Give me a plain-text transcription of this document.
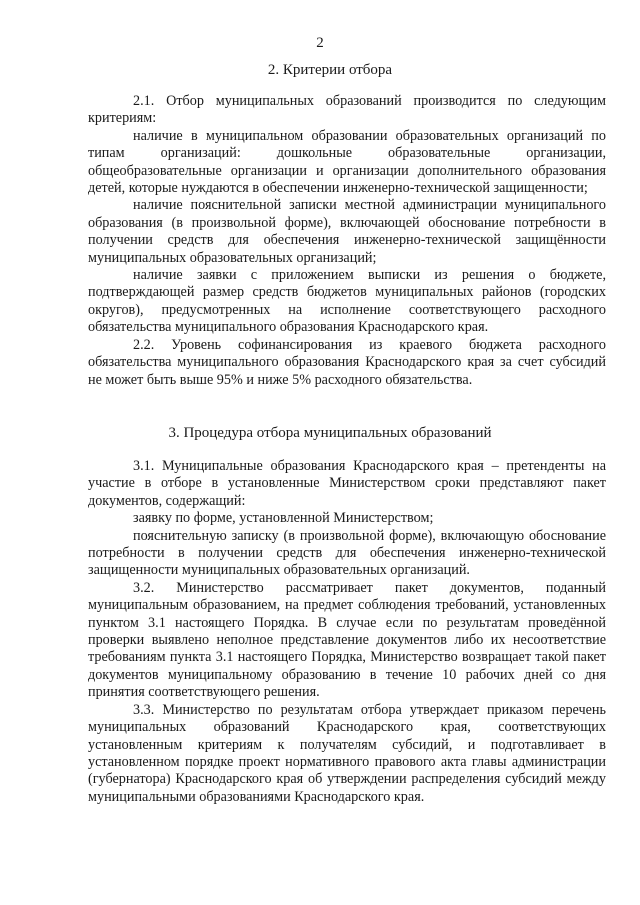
2
2. Критерии отбора

2.1. Отбор муниципальных образований производится по следующим критериям:

наличие в муниципальном образовании образовательных организаций по типам организаций: дошкольные образовательные организации, общеобразовательные организации и организации дополнительного образования детей, которые нуждаются в обеспечении инженерно-технической защищенности;

наличие пояснительной записки местной администрации муниципального образования (в произвольной форме), включающей обоснование потребности в получении средств для обеспечения инженерно-технической защищённости муниципальных образовательных организаций;

наличие заявки с приложением выписки из решения о бюджете, подтверждающей размер средств бюджетов муниципальных районов (городских округов), предусмотренных на исполнение соответствующего расходного обязательства муниципального образования Краснодарского края.

2.2. Уровень софинансирования из краевого бюджета расходного обязательства муниципального образования Краснодарского края за счет субсидий не может быть выше 95% и ниже 5% расходного обязательства.

3. Процедура отбора муниципальных образований

3.1. Муниципальные образования Краснодарского края – претенденты на участие в отборе в установленные Министерством сроки представляют пакет документов, содержащий:

заявку по форме, установленной Министерством;

пояснительную записку (в произвольной форме), включающую обоснование потребности в получении средств для обеспечения инженерно-технической защищенности муниципальных образовательных организаций.

3.2. Министерство рассматривает пакет документов, поданный муниципальным образованием, на предмет соблюдения требований, установленных пунктом 3.1 настоящего Порядка. В случае если по результатам проведённой проверки выявлено неполное представление документов либо их несоответствие требованиям пункта 3.1 настоящего Порядка, Министерство возвращает такой пакет документов муниципальному образованию в течение 10 рабочих дней со дня принятия соответствующего решения.

3.3. Министерство по результатам отбора утверждает приказом перечень муниципальных образований Краснодарского края, соответствующих установленным критериям к получателям субсидий, и подготавливает в установленном порядке проект нормативного правового акта главы администрации (губернатора) Краснодарского края об утверждении распределения субсидий между муниципальными образованиями Краснодарского края.
